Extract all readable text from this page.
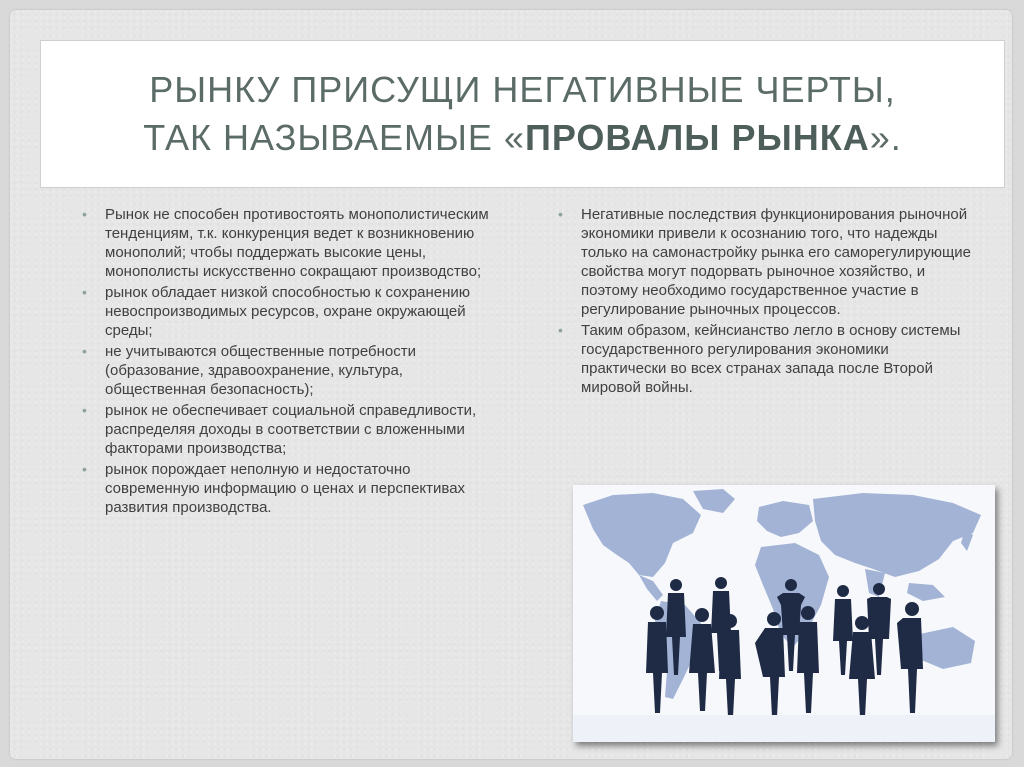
РЫНКУ ПРИСУЩИ НЕГАТИВНЫЕ ЧЕРТЫ,
ТАК НАЗЫВАЕМЫЕ «ПРОВАЛЫ РЫНКА».
• Рынок не способен противостоять монополистическим тенденциям, т.к. конкуренция ведет к возникновению монополий; чтобы поддержать высокие цены, монополисты искусственно сокращают производство;
• рынок обладает низкой способностью к сохранению невоспроизводимых ресурсов, охране окружающей среды;
• не учитываются общественные потребности (образование, здравоохранение, культура, общественная безопасность);
• рынок не обеспечивает социальной справедливости, распределяя доходы в соответствии с вложенными факторами производства;
• рынок порождает неполную и недостаточно современную информацию о ценах и перспективах развития производства.
• Негативные последствия функционирования рыночной экономики привели к осознанию того, что надежды только на самонастройку рынка его саморегулирующие свойства могут подорвать рыночное хозяйство, и поэтому необходимо государственное участие в регулирование рыночных процессов.
• Таким образом, кейнсианство легло в основу системы государственного регулирования экономики практически во всех странах запада после Второй мировой войны.
